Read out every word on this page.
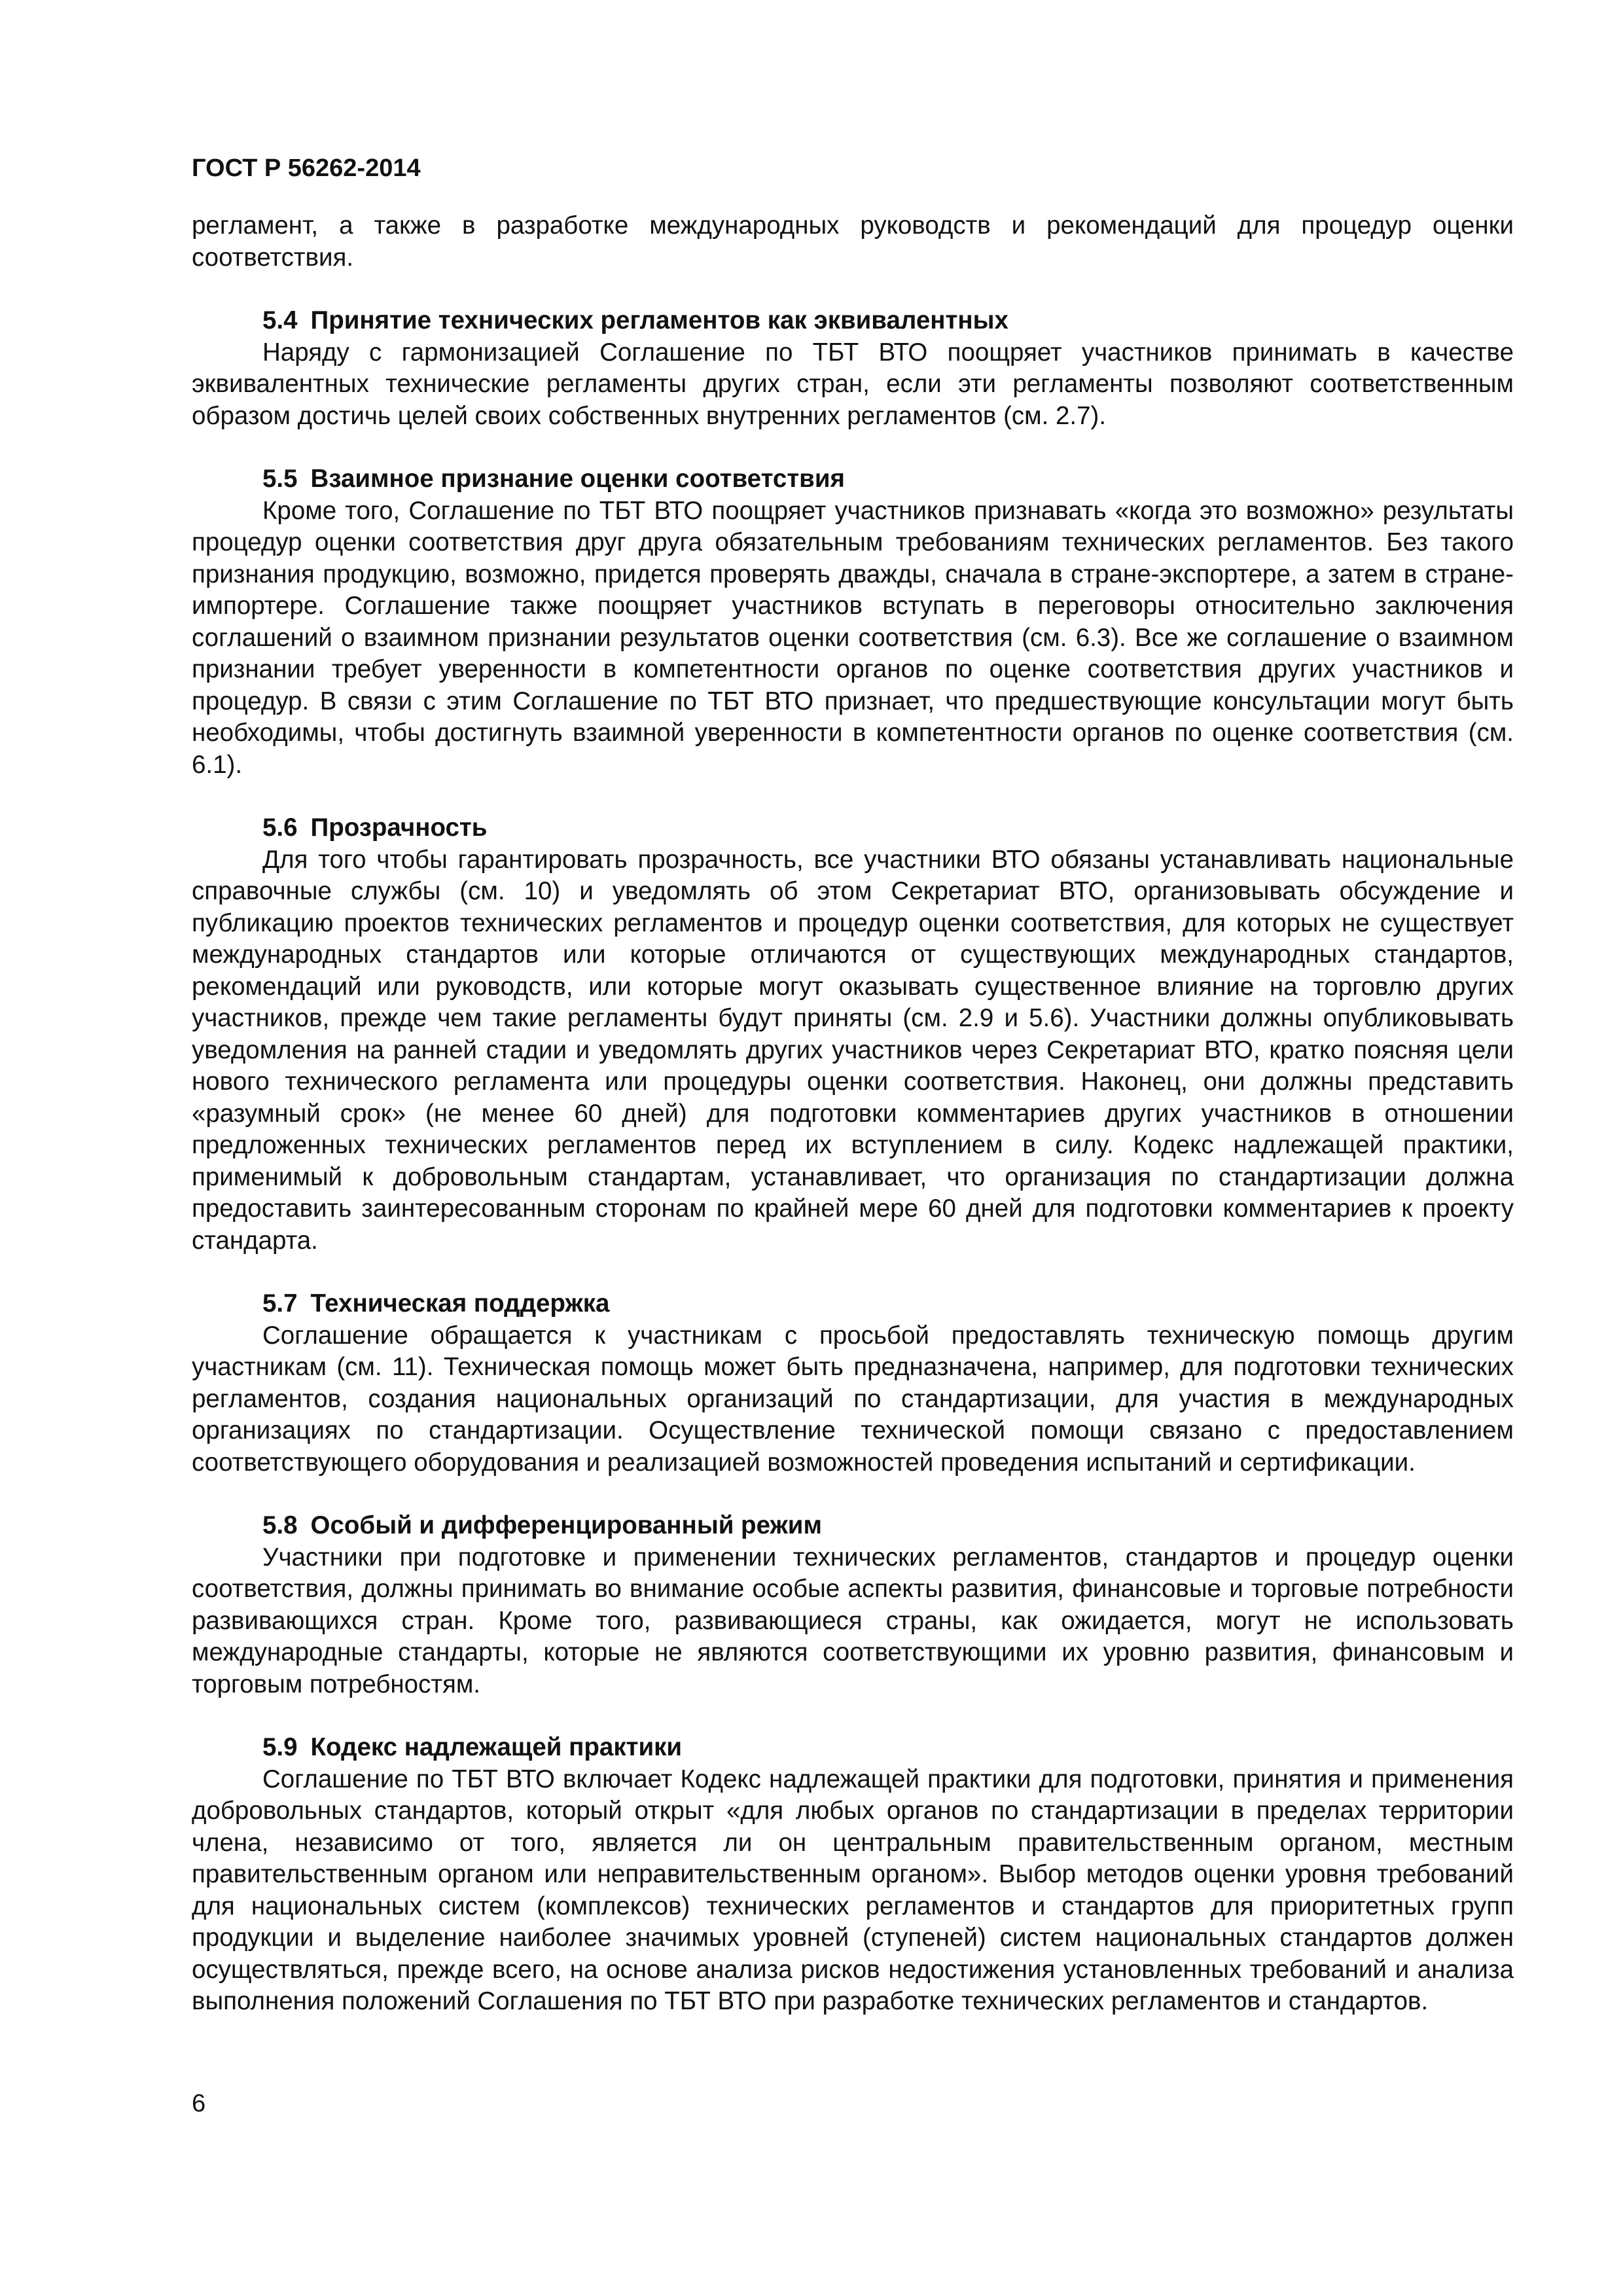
ГОСТ Р 56262-2014

регламент, а также в разработке международных руководств и рекомендаций для процедур оценки соответствия.

5.4 Принятие технических регламентов как эквивалентных

Наряду с гармонизацией Соглашение по ТБТ ВТО поощряет участников принимать в качестве эквивалентных технические регламенты других стран, если эти регламенты позволяют соответственным образом достичь целей своих собственных внутренних регламентов (см. 2.7).

5.5 Взаимное признание оценки соответствия

Кроме того, Соглашение по ТБТ ВТО поощряет участников признавать «когда это возможно» результаты процедур оценки соответствия друг друга обязательным требованиям технических регламентов. Без такого признания продукцию, возможно, придется проверять дважды, сначала в стране-экспортере, а затем в стране-импортере. Соглашение также поощряет участников вступать в переговоры относительно заключения соглашений о взаимном признании результатов оценки соответствия (см. 6.3). Все же соглашение о взаимном признании требует уверенности в компетентности органов по оценке соответствия других участников и процедур. В связи с этим Соглашение по ТБТ ВТО признает, что предшествующие консультации могут быть необходимы, чтобы достигнуть взаимной уверенности в компетентности органов по оценке соответствия (см. 6.1).

5.6 Прозрачность

Для того чтобы гарантировать прозрачность, все участники ВТО обязаны устанавливать национальные справочные службы (см. 10) и уведомлять об этом Секретариат ВТО, организовывать обсуждение и публикацию проектов технических регламентов и процедур оценки соответствия, для которых не существует международных стандартов или которые отличаются от существующих международных стандартов, рекомендаций или руководств, или которые могут оказывать существенное влияние на торговлю других участников, прежде чем такие регламенты будут приняты (см. 2.9 и 5.6). Участники должны опубликовывать уведомления на ранней стадии и уведомлять других участников через Секретариат ВТО, кратко поясняя цели нового технического регламента или процедуры оценки соответствия. Наконец, они должны представить «разумный срок» (не менее 60 дней) для подготовки комментариев других участников в отношении предложенных технических регламентов перед их вступлением в силу. Кодекс надлежащей практики, применимый к добровольным стандартам, устанавливает, что организация по стандартизации должна предоставить заинтересованным сторонам по крайней мере 60 дней для подготовки комментариев к проекту стандарта.

5.7 Техническая поддержка

Соглашение обращается к участникам с просьбой предоставлять техническую помощь другим участникам (см. 11). Техническая помощь может быть предназначена, например, для подготовки технических регламентов, создания национальных организаций по стандартизации, для участия в международных организациях по стандартизации. Осуществление технической помощи связано с предоставлением соответствующего оборудования и реализацией возможностей проведения испытаний и сертификации.

5.8 Особый и дифференцированный режим

Участники при подготовке и применении технических регламентов, стандартов и процедур оценки соответствия, должны принимать во внимание особые аспекты развития, финансовые и торговые потребности развивающихся стран. Кроме того, развивающиеся страны, как ожидается, могут не использовать международные стандарты, которые не являются соответствующими их уровню развития, финансовым и торговым потребностям.

5.9 Кодекс надлежащей практики

Соглашение по ТБТ ВТО включает Кодекс надлежащей практики для подготовки, принятия и применения добровольных стандартов, который открыт «для любых органов по стандартизации в пределах территории члена, независимо от того, является ли он центральным правительственным органом, местным правительственным органом или неправительственным органом». Выбор методов оценки уровня требований для национальных систем (комплексов) технических регламентов и стандартов для приоритетных групп продукции и выделение наиболее значимых уровней (ступеней) систем национальных стандартов должен осуществляться, прежде всего, на основе анализа рисков недостижения установленных требований и анализа выполнения положений Соглашения по ТБТ ВТО при разработке технических регламентов и стандартов.

6
